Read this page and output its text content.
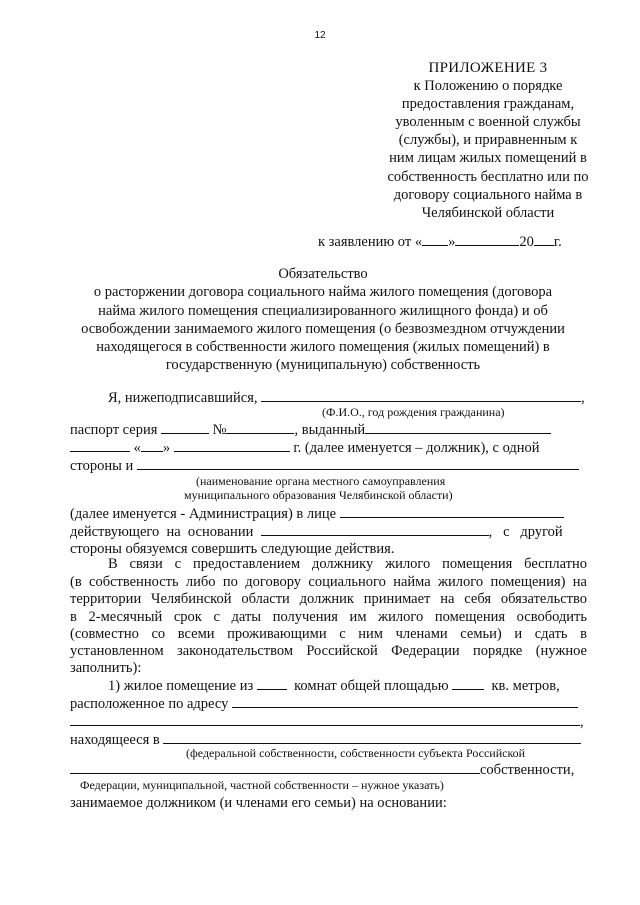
12
ПРИЛОЖЕНИЕ 3
к Положению о порядке
предоставления гражданам,
уволенным с военной службы
(службы), и приравненным к
ним лицам жилых помещений в
собственность бесплатно или по
договору социального найма в
Челябинской области
к заявлению от « »	20 г.
Обязательство
о расторжении договора социального найма жилого помещения (договора
найма жилого помещения специализированного жилищного фонда) и об
освобождении занимаемого жилого помещения (о безвозмездном отчуждении
находящегося в собственности жилого помещения (жилых помещений) в
государственную (муниципальную) собственность
Я, нижеподписавшийся,	,
(Ф.И.О., год рождения гражданина)
паспорт серия	№	, выданный
« »	г. (далее именуется – должник), с одной
стороны и
(наименование органа местного самоуправления
муниципального образования Челябинской области)
(далее именуется - Администрация) в лице
действующего  на  основании	,   с   другой
стороны обязуемся совершить следующие действия.
В связи с предоставлением должнику жилого помещения бесплатно
(в собственность либо по договору социального найма жилого помещения) на
территории Челябинской области должник принимает на себя обязательство
в 2-месячный срок с даты получения им жилого помещения освободить
(совместно со всеми проживающими с ним членами семьи) и сдать в
установленном законодательством Российской Федерации порядке (нужное
заполнить):
1) жилое помещение из	комнат общей площадью	кв. метров,
расположенное по адресу
,
находящееся в
(федеральной собственности, собственности субъекта Российской
собственности,
Федерации, муниципальной, частной собственности – нужное указать)
занимаемое должником (и членами его семьи) на основании:
